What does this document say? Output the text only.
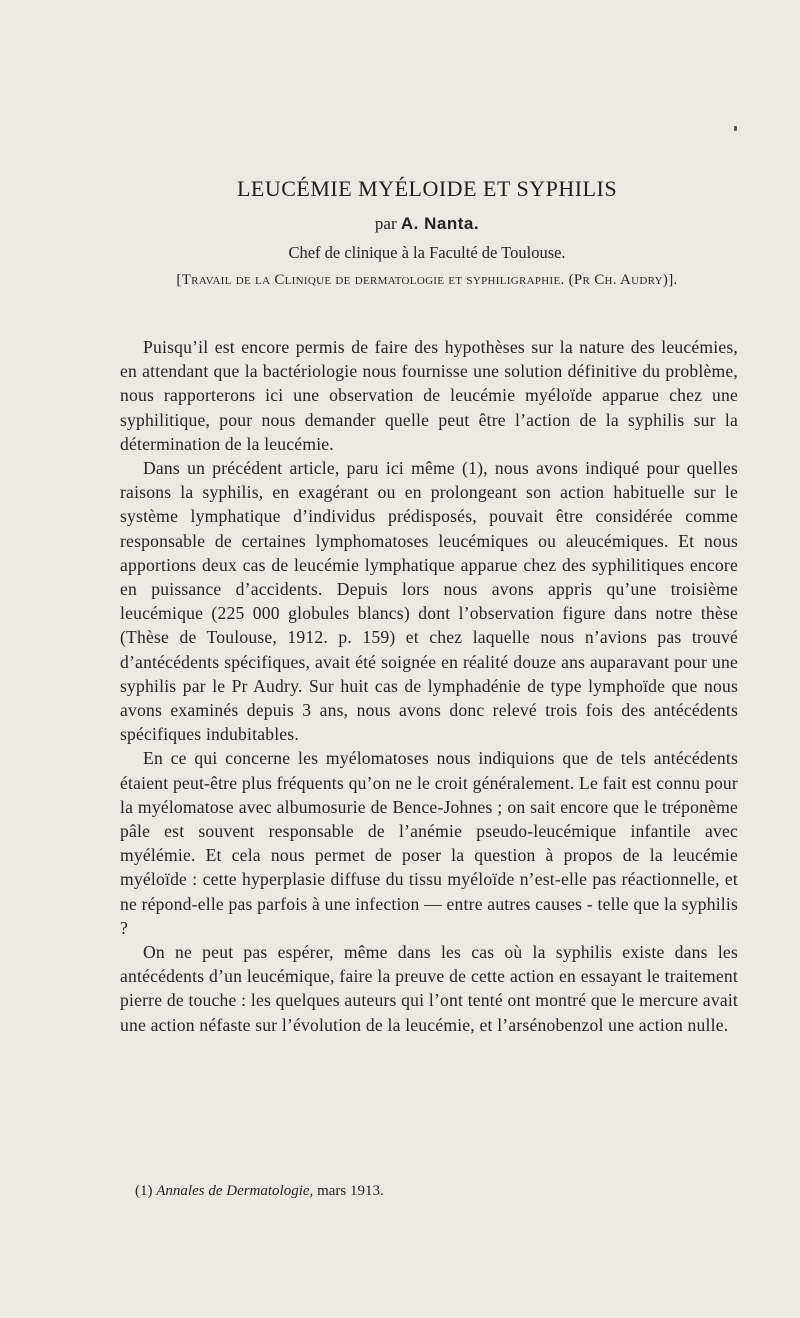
LEUCÉMIE MYÉLOIDE ET SYPHILIS
par A. Nanta.
Chef de clinique à la Faculté de Toulouse.
[Travail de la Clinique de dermatologie et syphiligraphie. (Pr Ch. Audry)].

Puisqu’il est encore permis de faire des hypothèses sur la nature des leucémies, en attendant que la bactériologie nous fournisse une solution définitive du problème, nous rapporterons ici une observation de leucémie myéloïde apparue chez une syphilitique, pour nous demander quelle peut être l’action de la syphilis sur la détermination de la leucémie.

Dans un précédent article, paru ici même (1), nous avons indiqué pour quelles raisons la syphilis, en exagérant ou en prolongeant son action habituelle sur le système lymphatique d’individus prédisposés, pouvait être considérée comme responsable de certaines lymphomatoses leucémiques ou aleucémiques. Et nous apportions deux cas de leucémie lymphatique apparue chez des syphilitiques encore en puissance d’accidents. Depuis lors nous avons appris qu’une troisième leucémique (225 000 globules blancs) dont l’observation figure dans notre thèse (Thèse de Toulouse, 1912. p. 159) et chez laquelle nous n’avions pas trouvé d’antécédents spécifiques, avait été soignée en réalité douze ans auparavant pour une syphilis par le Pr Audry. Sur huit cas de lymphadénie de type lymphoïde que nous avons examinés depuis 3 ans, nous avons donc relevé trois fois des antécédents spécifiques indubitables.

En ce qui concerne les myélomatoses nous indiquions que de tels antécédents étaient peut-être plus fréquents qu’on ne le croit généralement. Le fait est connu pour la myélomatose avec albumosurie de Bence-Johnes ; on sait encore que le tréponème pâle est souvent responsable de l’anémie pseudo-leucémique infantile avec myélémie. Et cela nous permet de poser la question à propos de la leucémie myéloïde : cette hyperplasie diffuse du tissu myéloïde n’est-elle pas réactionnelle, et ne répond-elle pas parfois à une infection — entre autres causes - telle que la syphilis ?

On ne peut pas espérer, même dans les cas où la syphilis existe dans les antécédents d’un leucémique, faire la preuve de cette action en essayant le traitement pierre de touche : les quelques auteurs qui l’ont tenté ont montré que le mercure avait une action néfaste sur l’évolution de la leucémie, et l’arsénobenzol une action nulle.

(1) Annales de Dermatologie, mars 1913.
